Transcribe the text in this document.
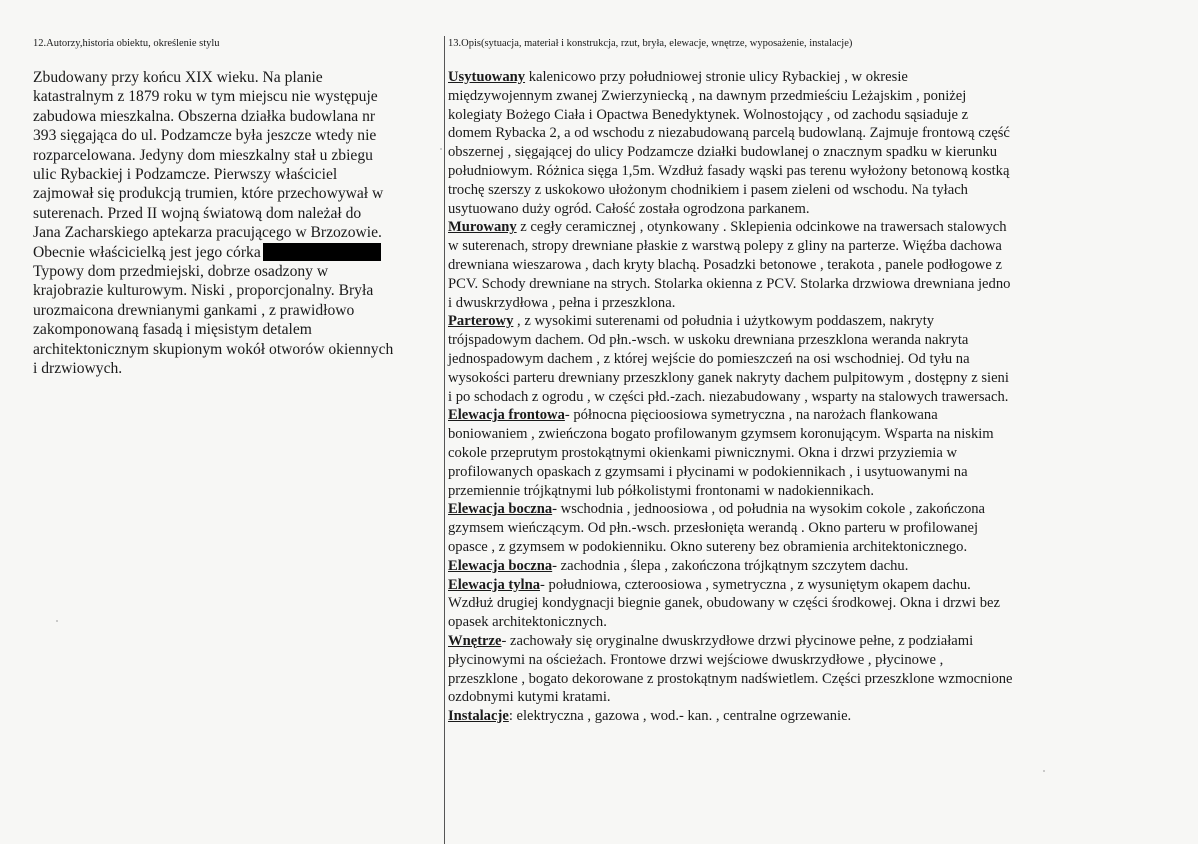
12.Autorzy,historia obiektu, określenie stylu
Zbudowany przy końcu XIX wieku. Na planie
katastralnym z 1879 roku w tym miejscu nie występuje
zabudowa mieszkalna. Obszerna działka budowlana nr
393 sięgająca do ul. Podzamcze była jeszcze wtedy nie
rozparcelowana. Jedyny dom mieszkalny stał u zbiegu
ulic Rybackiej i Podzamcze. Pierwszy właściciel
zajmował się produkcją trumien, które przechowywał w
suterenach. Przed II wojną światową dom należał do
Jana Zacharskiego aptekarza pracującego w Brzozowie.
Obecnie właścicielką jest jego córka
Typowy dom przedmiejski, dobrze osadzony w
krajobrazie kulturowym. Niski , proporcjonalny. Bryła
urozmaicona drewnianymi gankami , z prawidłowo
zakomponowaną fasadą i mięsistym detalem
architektonicznym skupionym wokół otworów okiennych
i drzwiowych.
13.Opis(sytuacja, materiał i konstrukcja, rzut, bryła, elewacje, wnętrze, wyposażenie, instalacje)
Usytuowany kalenicowo przy południowej stronie ulicy Rybackiej , w okresie
międzywojennym zwanej Zwierzyniecką , na dawnym przedmieściu Leżajskim , poniżej
kolegiaty Bożego Ciała i Opactwa Benedyktynek. Wolnostojący , od zachodu sąsiaduje z
domem Rybacka 2, a od wschodu z niezabudowaną parcelą budowlaną. Zajmuje frontową część
obszernej , sięgającej do ulicy Podzamcze działki budowlanej o znacznym spadku w kierunku
południowym. Różnica sięga 1,5m. Wzdłuż fasady wąski pas terenu wyłożony betonową kostką
trochę szerszy z uskokowo ułożonym chodnikiem i pasem zieleni od wschodu. Na tyłach
usytuowano duży ogród. Całość została ogrodzona parkanem.
Murowany z cegły ceramicznej , otynkowany . Sklepienia odcinkowe na trawersach stalowych
w suterenach, stropy drewniane płaskie z warstwą polepy z gliny na parterze. Więźba dachowa
drewniana wieszarowa , dach kryty blachą. Posadzki betonowe , terakota , panele podłogowe z
PCV. Schody drewniane na strych. Stolarka okienna z PCV. Stolarka drzwiowa drewniana jedno
i dwuskrzydłowa , pełna i przeszklona.
Parterowy , z wysokimi suterenami od południa i użytkowym poddaszem, nakryty
trójspadowym dachem. Od płn.-wsch. w uskoku drewniana przeszklona weranda nakryta
jednospadowym dachem , z której wejście do pomieszczeń na osi wschodniej. Od tyłu na
wysokości parteru drewniany przeszklony ganek nakryty dachem pulpitowym , dostępny z sieni
i po schodach z ogrodu , w części płd.-zach. niezabudowany , wsparty na stalowych trawersach.
Elewacja frontowa- północna pięcioosiowa symetryczna , na narożach flankowana
boniowaniem , zwieńczona bogato profilowanym gzymsem koronującym. Wsparta na niskim
cokole przeprutym prostokątnymi okienkami piwnicznymi. Okna i drzwi przyziemia w
profilowanych opaskach z gzymsami i płycinami w podokiennikach , i usytuowanymi na
przemiennie trójkątnymi lub półkolistymi frontonami w nadokiennikach.
Elewacja boczna- wschodnia , jednoosiowa , od południa na wysokim cokole , zakończona
gzymsem wieńczącym. Od płn.-wsch. przesłonięta werandą . Okno parteru w profilowanej
opasce , z gzymsem w podokienniku. Okno sutereny bez obramienia architektonicznego.
Elewacja boczna- zachodnia , ślepa , zakończona trójkątnym szczytem dachu.
Elewacja tylna- południowa, czteroosiowa , symetryczna , z wysuniętym okapem dachu.
Wzdłuż drugiej kondygnacji biegnie ganek, obudowany w części środkowej. Okna i drzwi bez
opasek architektonicznych.
Wnętrze- zachowały się oryginalne dwuskrzydłowe drzwi płycinowe pełne, z podziałami
płycinowymi na ościeżach. Frontowe drzwi wejściowe dwuskrzydłowe , płycinowe ,
przeszklone , bogato dekorowane z prostokątnym nadświetlem. Części przeszklone wzmocnione
ozdobnymi kutymi kratami.
Instalacje: elektryczna , gazowa , wod.- kan. , centralne ogrzewanie.
